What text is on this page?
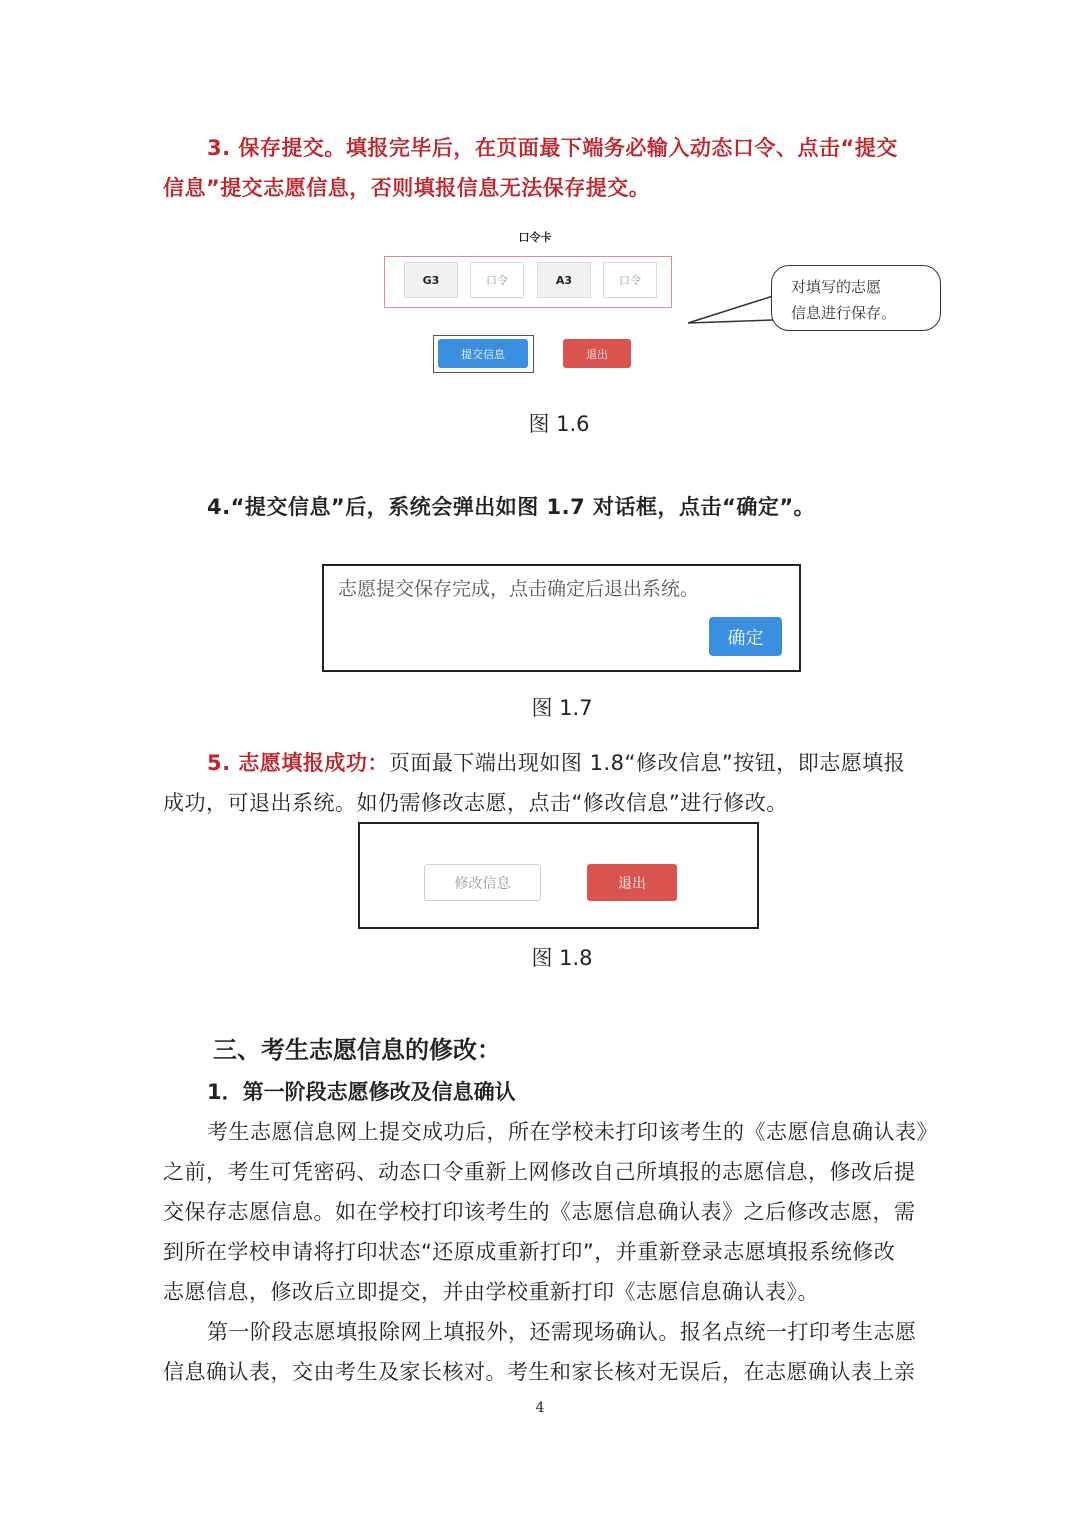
3. 保存提交。填报完毕后，在页面最下端务必输入动态口令、点击“提交
信息”提交志愿信息，否则填报信息无法保存提交。
口令卡
G3	口令	A3	口令
提交信息	退出
对填写的志愿
信息进行保存。
图 1.6
4.“提交信息”后，系统会弹出如图 1.7 对话框，点击“确定”。
志愿提交保存完成，点击确定后退出系统。
确定
图 1.7
5. 志愿填报成功：页面最下端出现如图 1.8“修改信息”按钮，即志愿填报
成功，可退出系统。如仍需修改志愿，点击“修改信息”进行修改。
修改信息	退出
图 1.8
三、考生志愿信息的修改：
1．第一阶段志愿修改及信息确认
考生志愿信息网上提交成功后，所在学校未打印该考生的《志愿信息确认表》
之前，考生可凭密码、动态口令重新上网修改自己所填报的志愿信息，修改后提
交保存志愿信息。如在学校打印该考生的《志愿信息确认表》之后修改志愿，需
到所在学校申请将打印状态“还原成重新打印”，并重新登录志愿填报系统修改
志愿信息，修改后立即提交，并由学校重新打印《志愿信息确认表》。
第一阶段志愿填报除网上填报外，还需现场确认。报名点统一打印考生志愿
信息确认表，交由考生及家长核对。考生和家长核对无误后，在志愿确认表上亲
4
